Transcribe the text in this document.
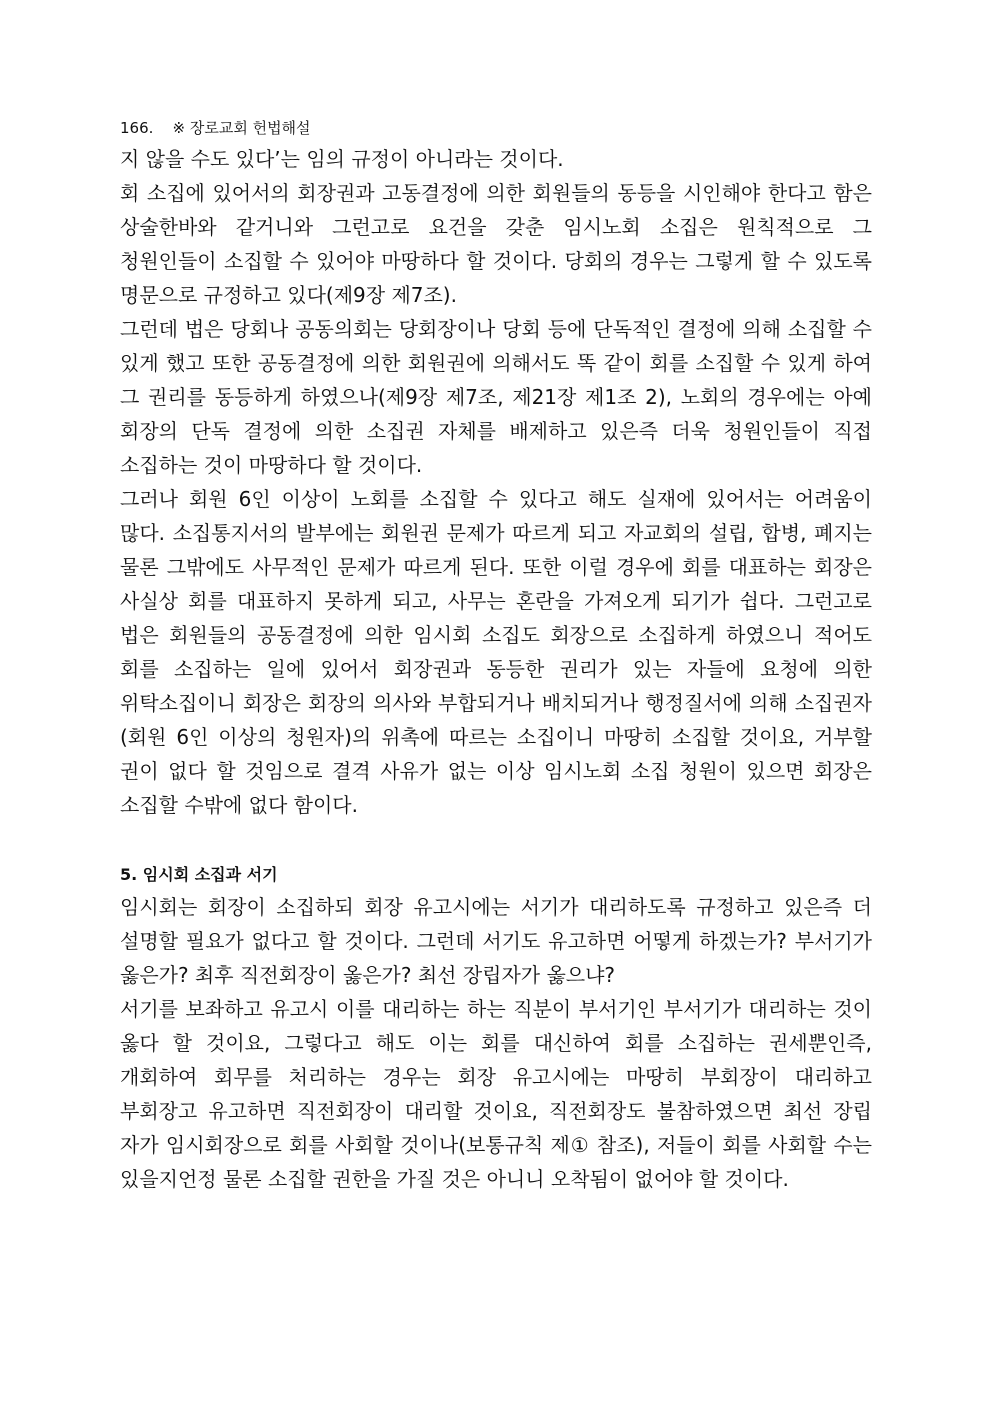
166. ※ 장로교회 헌법해설

지 않을 수도 있다’는 임의 규정이 아니라는 것이다.

회 소집에 있어서의 회장권과 고동결정에 의한 회원들의 동등을 시인해야 한다고 함은 상술한바와 같거니와 그런고로 요건을 갖춘 임시노회 소집은 원칙적으로 그 청원인들이 소집할 수 있어야 마땅하다 할 것이다. 당회의 경우는 그렇게 할 수 있도록 명문으로 규정하고 있다(제9장 제7조).

그런데 법은 당회나 공동의회는 당회장이나 당회 등에 단독적인 결정에 의해 소집할 수 있게 했고 또한 공동결정에 의한 회원권에 의해서도 똑 같이 회를 소집할 수 있게 하여 그 권리를 동등하게 하였으나(제9장 제7조, 제21장 제1조 2), 노회의 경우에는 아예 회장의 단독 결정에 의한 소집권 자체를 배제하고 있은즉 더욱 청원인들이 직접 소집하는 것이 마땅하다 할 것이다.

그러나 회원 6인 이상이 노회를 소집할 수 있다고 해도 실재에 있어서는 어려움이 많다. 소집통지서의 발부에는 회원권 문제가 따르게 되고 자교회의 설립, 합병, 폐지는 물론 그밖에도 사무적인 문제가 따르게 된다. 또한 이럴 경우에 회를 대표하는 회장은 사실상 회를 대표하지 못하게 되고, 사무는 혼란을 가져오게 되기가 쉽다. 그런고로 법은 회원들의 공동결정에 의한 임시회 소집도 회장으로 소집하게 하였으니 적어도 회를 소집하는 일에 있어서 회장권과 동등한 권리가 있는 자들에 요청에 의한 위탁소집이니 회장은 회장의 의사와 부합되거나 배치되거나 행정질서에 의해 소집권자(회원 6인 이상의 청원자)의 위촉에 따르는 소집이니 마땅히 소집할 것이요, 거부할 권이 없다 할 것임으로 결격 사유가 없는 이상 임시노회 소집 청원이 있으면 회장은 소집할 수밖에 없다 함이다.

5. 임시회 소집과 서기

임시회는 회장이 소집하되 회장 유고시에는 서기가 대리하도록 규정하고 있은즉 더 설명할 필요가 없다고 할 것이다. 그런데 서기도 유고하면 어떻게 하겠는가? 부서기가 옳은가? 최후 직전회장이 옳은가? 최선 장립자가 옳으냐?

서기를 보좌하고 유고시 이를 대리하는 하는 직분이 부서기인 부서기가 대리하는 것이 옳다 할 것이요, 그렇다고 해도 이는 회를 대신하여 회를 소집하는 권세뿐인즉, 개회하여 회무를 처리하는 경우는 회장 유고시에는 마땅히 부회장이 대리하고 부회장고 유고하면 직전회장이 대리할 것이요, 직전회장도 불참하였으면 최선 장립 자가 임시회장으로 회를 사회할 것이나(보통규칙 제① 참조), 저들이 회를 사회할 수는 있을지언정 물론 소집할 권한을 가질 것은 아니니 오착됨이 없어야 할 것이다.
